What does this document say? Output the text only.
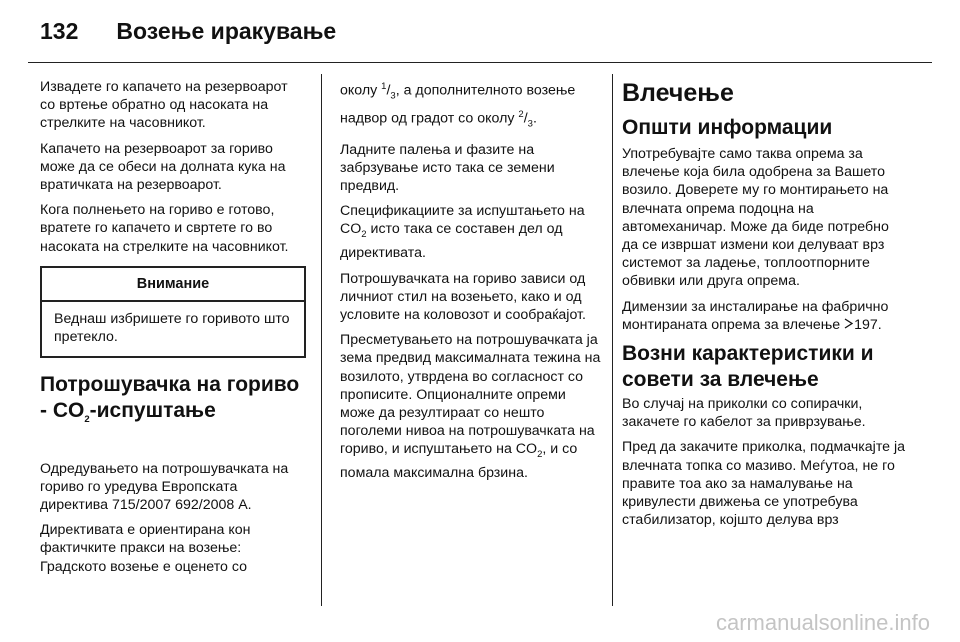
132 Возење иракување

Извадете го капачето на резервоарот со вртење обратно од насоката на стрелките на часовникот.

Капачето на резервоарот за гориво може да се обеси на долната кука на вратичката на резервоарот.

Кога полнењето на гориво е готово, вратете го капачето и свртете го во насоката на стрелките на часовникот.

Внимание
Веднаш избришете го горивото што претекло.
Потрошувачка на гориво - $CO_2$-испуштање

Одредувањето на потрошувачката на гориво го уредува Европската директива 715/2007 692/2008 А.

Директивата е ориентирана кон фактичките пракси на возење: Градското возење е оценето со

околу $^1/_3$, а дополнителното возење надвор од градот со околу $^2/_3$.

Ладните палења и фазите на забрзување исто така се земени предвид.

Спецификациите за испуштањето на $CO_2$ исто така се составен дел од директивата.

Потрошувачката на гориво зависи од личниот стил на возењето, како и од условите на коловозот и сообраќајот.

Пресметувањето на потрошувачката ја зема предвид максималната тежина на возилото, утврдена во согласност со прописите. Опционалните опреми може да резултираат со нешто поголеми нивоа на потрошувачката на гориво, и испуштањето на $CO_2$, и со помала максимална брзина.

Влечење
Општи информации

Употребувајте само таква опрема за влечење која била одобрена за Вашето возило. Доверете му го монтирањето на влечната опрема подоцна на автомеханичар. Може да биде потребно да се извршат измени кои делуваат врз системот за ладење, топлоотпорните обвивки или друга опрема.

Димензии за инсталирање на фабрично монтираната опрема за влечење 197.

Возни карактеристики и совети за влечење

Во случај на приколки со сопирачки, закачете го кабелот за приврзување.

Пред да закачите приколка, подмачкајте ја влечната топка со мазиво. Меѓутоа, не го правите тоа ако за намалување на кривулести движења се употребува стабилизатор, којшто делува врз

carmanualsonline.info
